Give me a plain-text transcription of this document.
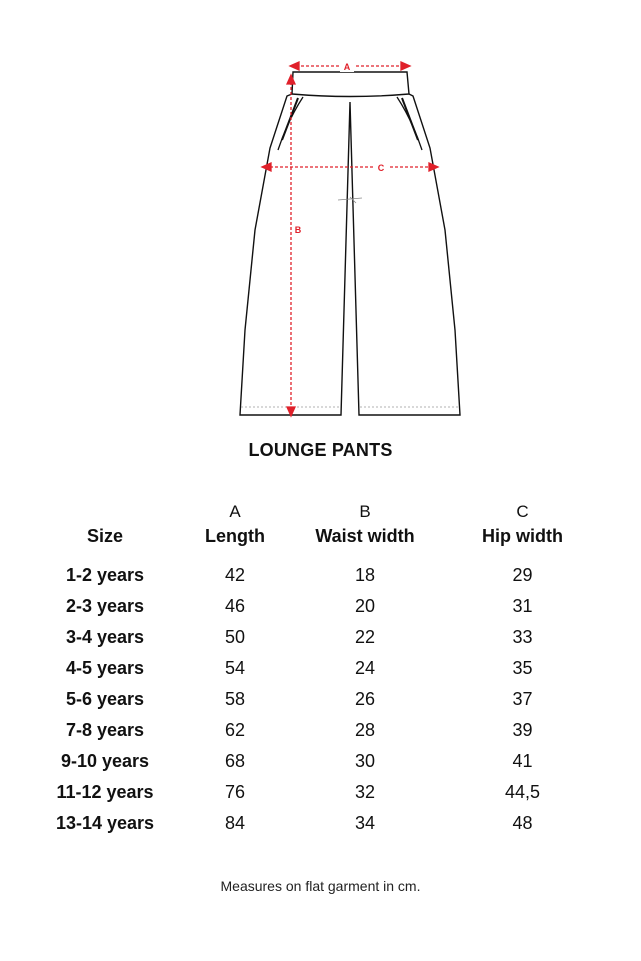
A
C
B
LOUNGE PANTS
	A	B	C
Size	Length	Waist width	Hip width
1-2 years	42	18	29
2-3 years	46	20	31
3-4 years	50	22	33
4-5 years	54	24	35
5-6 years	58	26	37
7-8 years	62	28	39
9-10 years	68	30	41
11-12 years	76	32	44,5
13-14 years	84	34	48
Measures on flat garment in cm.
